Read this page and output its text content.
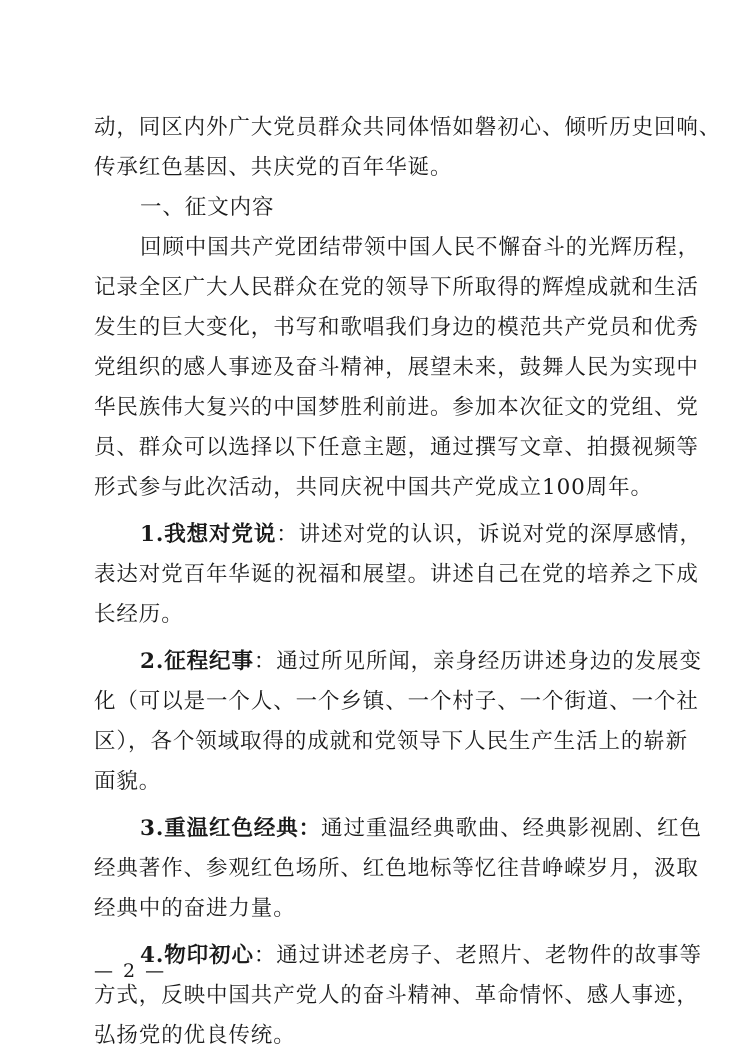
动，同区内外广大党员群众共同体悟如磐初心、倾听历史回响、
传承红色基因、共庆党的百年华诞。
一、征文内容
回顾中国共产党团结带领中国人民不懈奋斗的光辉历程，
记录全区广大人民群众在党的领导下所取得的辉煌成就和生活
发生的巨大变化，书写和歌唱我们身边的模范共产党员和优秀
党组织的感人事迹及奋斗精神，展望未来，鼓舞人民为实现中
华民族伟大复兴的中国梦胜利前进。参加本次征文的党组、党
员、群众可以选择以下任意主题，通过撰写文章、拍摄视频等
形式参与此次活动，共同庆祝中国共产党成立100周年。
1.我想对党说：讲述对党的认识，诉说对党的深厚感情，
表达对党百年华诞的祝福和展望。讲述自己在党的培养之下成
长经历。
2.征程纪事：通过所见所闻，亲身经历讲述身边的发展变
化（可以是一个人、一个乡镇、一个村子、一个街道、一个社
区），各个领域取得的成就和党领导下人民生产生活上的崭新
面貌。
3.重温红色经典：通过重温经典歌曲、经典影视剧、红色
经典著作、参观红色场所、红色地标等忆往昔峥嵘岁月，汲取
经典中的奋进力量。
4.物印初心：通过讲述老房子、老照片、老物件的故事等
方式，反映中国共产党人的奋斗精神、革命情怀、感人事迹，
弘扬党的优良传统。
— 2 —
